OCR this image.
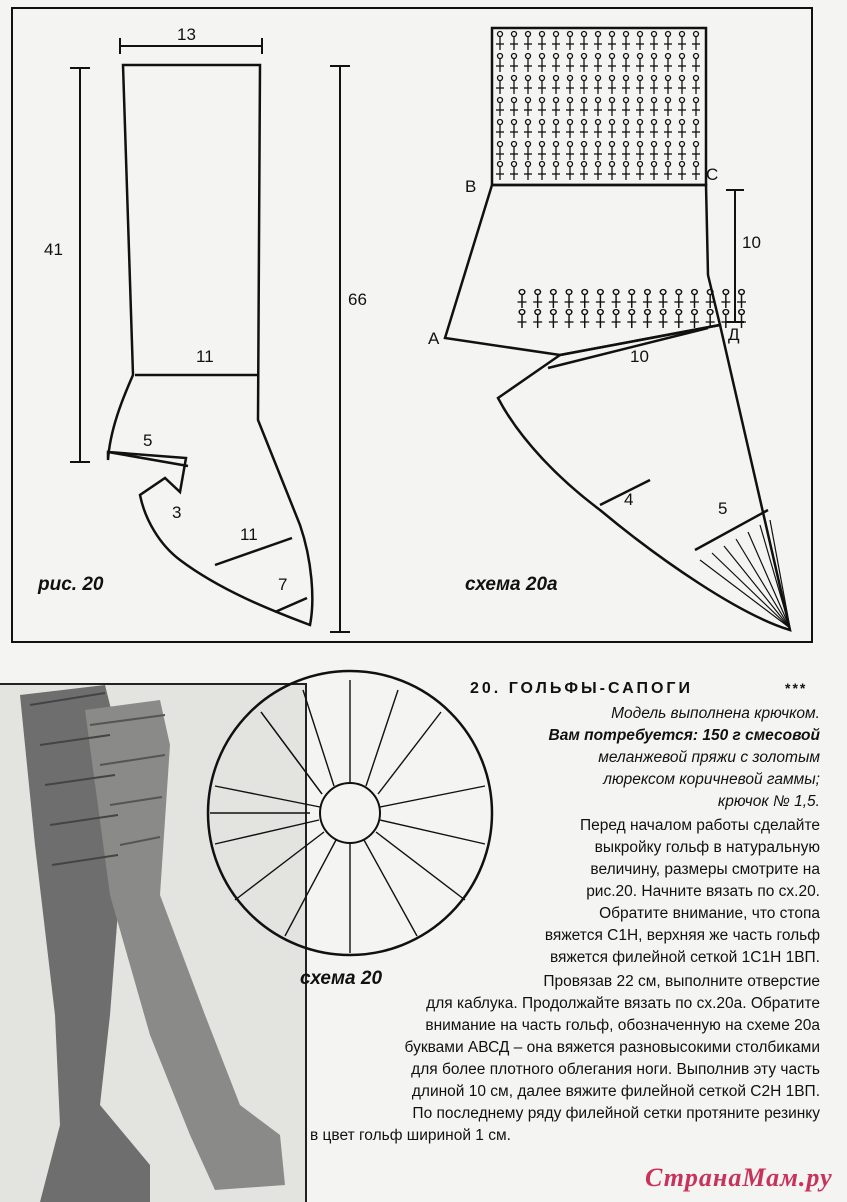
13
41
11
5
3
11
7
рис. 20
66
В
С
А	Д
10
10
4	5
схема 20а
схема 20
20. ГОЛЬФЫ-САПОГИ	***
Модель выполнена крючком.
Вам потребуется: 150 г смесовой
меланжевой пряжи с золотым
люрексом коричневой гаммы;
крючок № 1,5.
Перед началом работы сделайте
выкройку гольф в натуральную
величину, размеры смотрите на
рис.20. Начните вязать по сх.20.
Обратите внимание, что стопа
вяжется С1Н, верхняя же часть гольф
вяжется филейной сеткой 1С1Н 1ВП.
Провязав 22 см, выполните отверстие
для каблука. Продолжайте вязать по сх.20а. Обратите
внимание на часть гольф, обозначенную на схеме 20а
буквами АВСД – она вяжется разновысокими столбиками
для более плотного облегания ноги. Выполнив эту часть
длиной 10 см, далее вяжите филейной сеткой С2Н 1ВП.
По последнему ряду филейной сетки протяните резинку
в цвет гольф шириной 1 см.
СтранаМам.ру
